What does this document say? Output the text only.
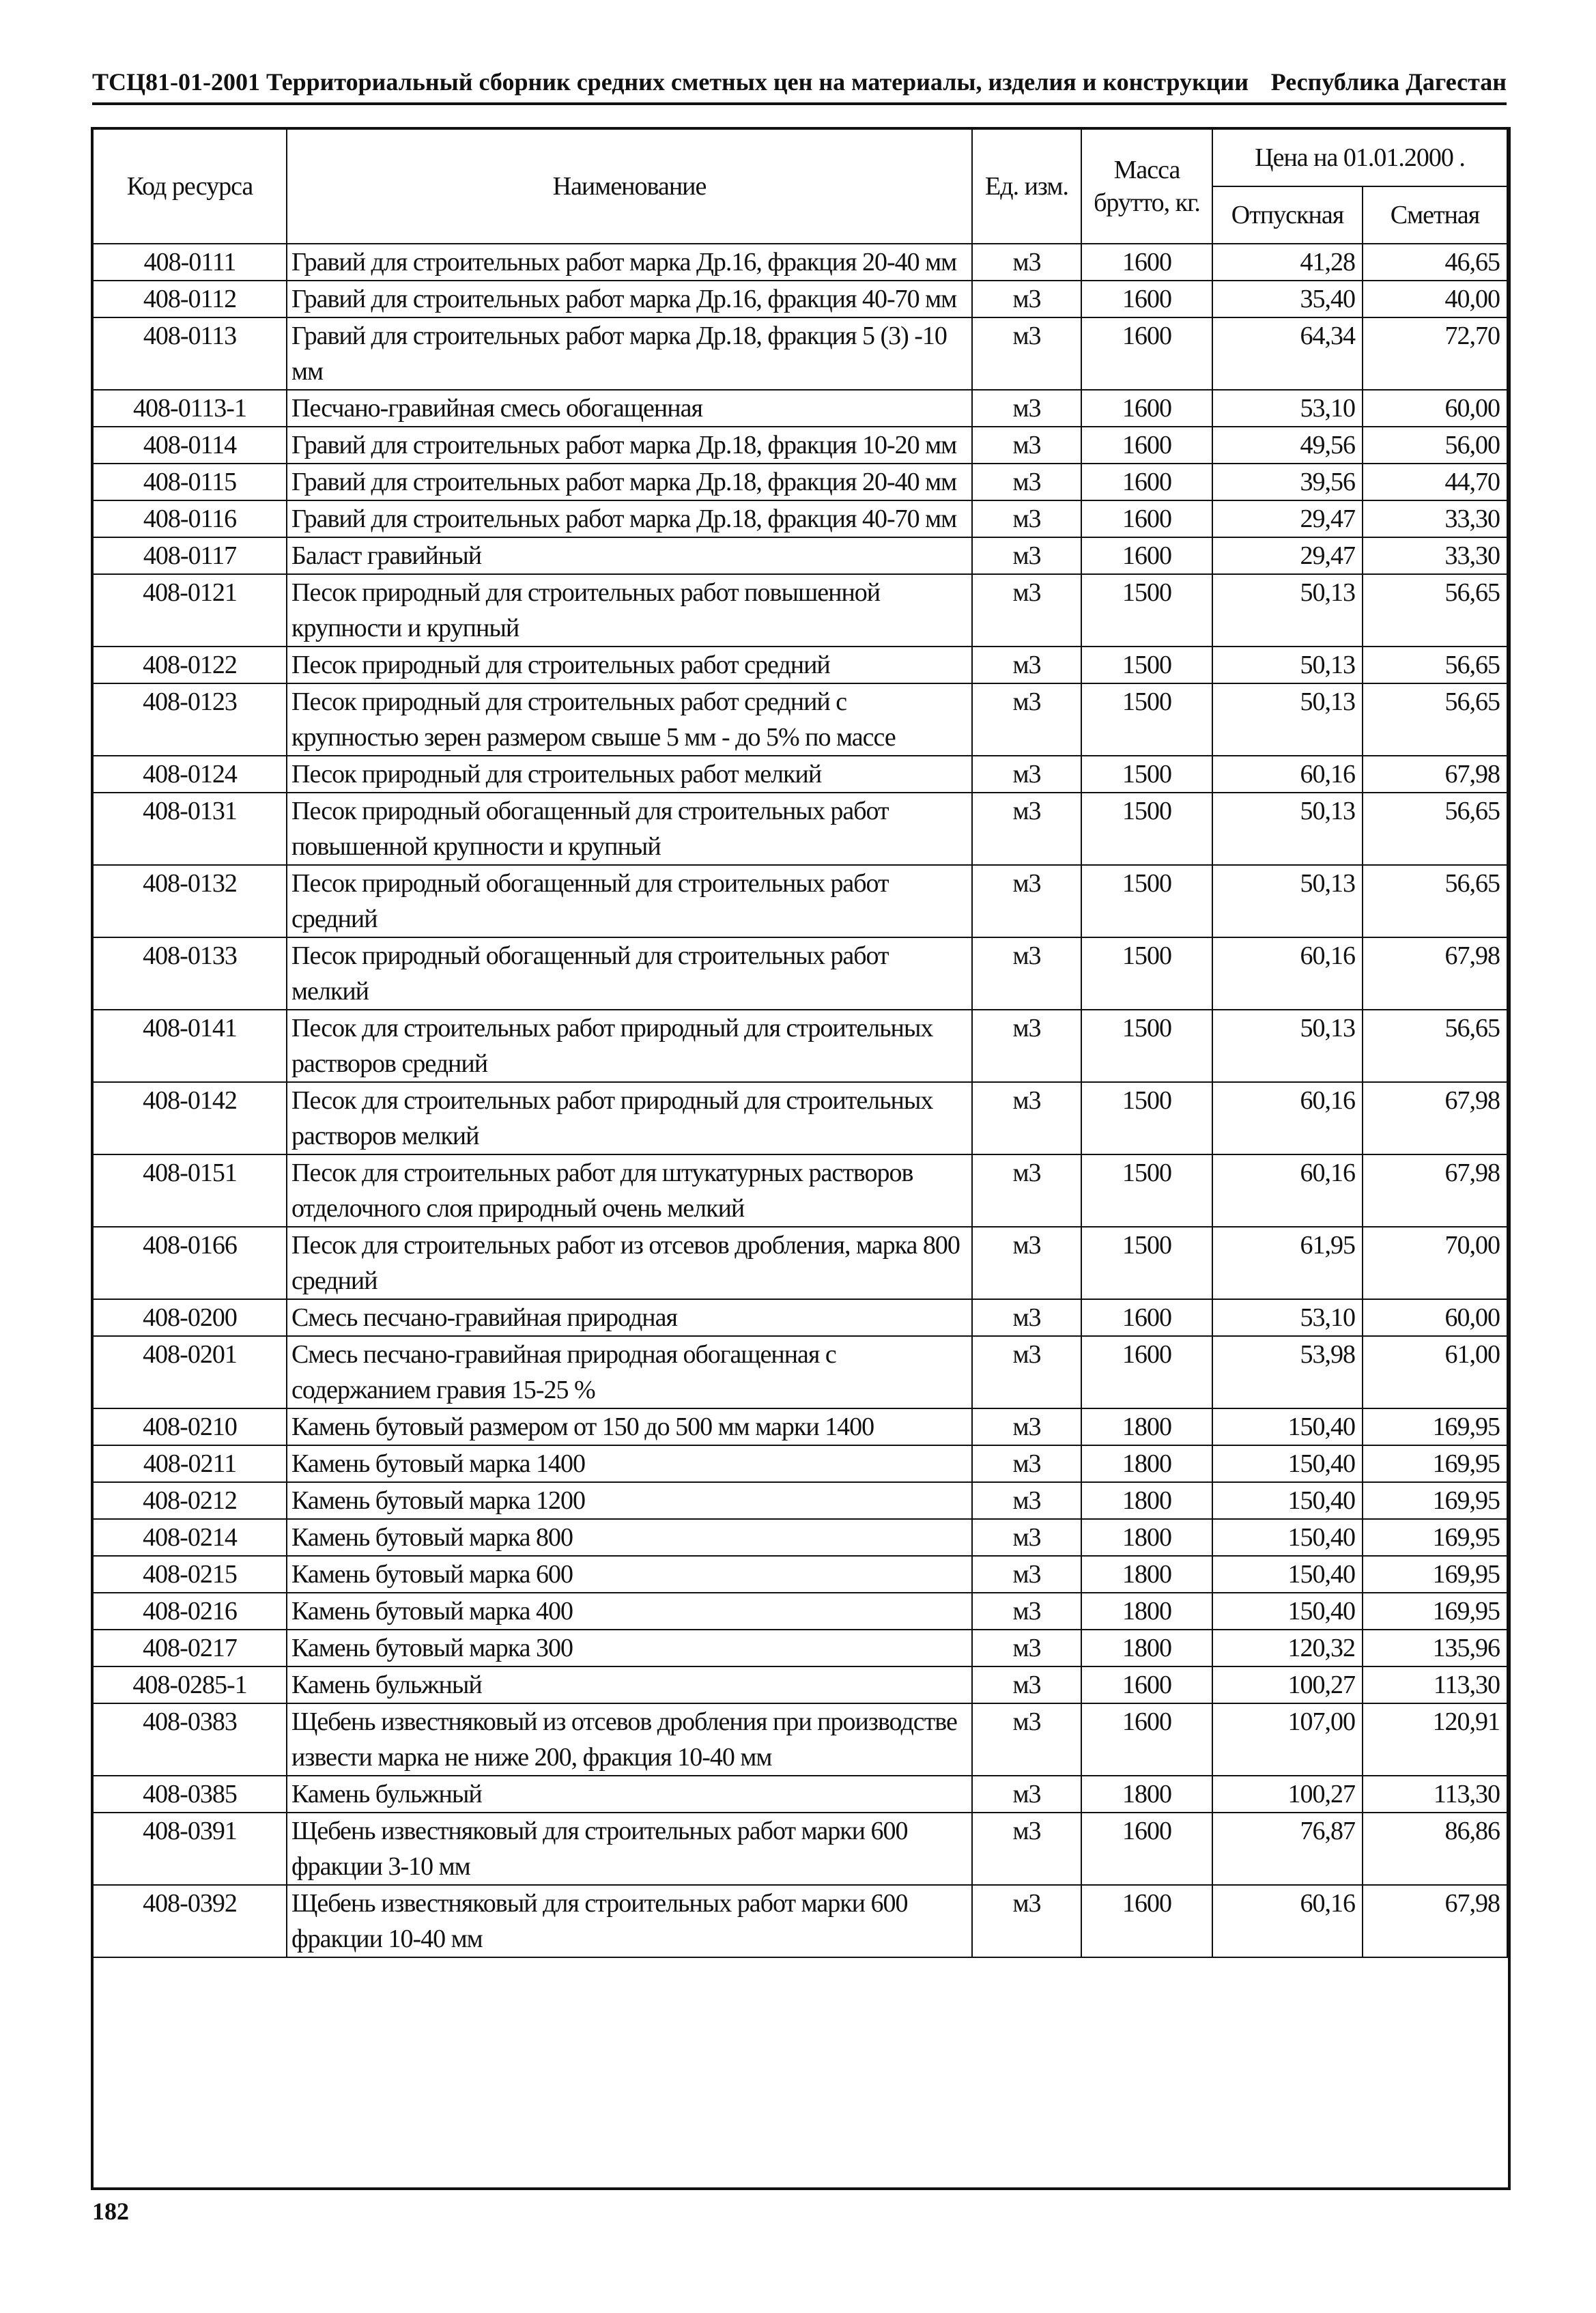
ТСЦ81-01-2001 Территориальный сборник средних сметных цен на материалы, изделия и конструкции Республика Дагестан
Код ресурса	Наименование	Ед. изм.	Масса брутто, кг.	Цена на 01.01.2000 .	
				Отпускная	Сметная
408-0111	Гравий для строительных работ марка Др.16, фракция 20-40 мм	м3	1600	41,28	46,65
408-0112	Гравий для строительных работ марка Др.16, фракция 40-70 мм	м3	1600	35,40	40,00
408-0113	Гравий для строительных работ марка Др.18, фракция 5 (3) -10 мм	м3	1600	64,34	72,70
408-0113-1	Песчано-гравийная смесь обогащенная	м3	1600	53,10	60,00
408-0114	Гравий для строительных работ марка Др.18, фракция 10-20 мм	м3	1600	49,56	56,00
408-0115	Гравий для строительных работ марка Др.18, фракция 20-40 мм	м3	1600	39,56	44,70
408-0116	Гравий для строительных работ марка Др.18, фракция 40-70 мм	м3	1600	29,47	33,30
408-0117	Баласт гравийный	м3	1600	29,47	33,30
408-0121	Песок природный для строительных работ повышенной крупности и крупный	м3	1500	50,13	56,65
408-0122	Песок природный для строительных работ средний	м3	1500	50,13	56,65
408-0123	Песок природный для строительных работ средний с крупностью зерен размером свыше 5 мм - до 5% по массе	м3	1500	50,13	56,65
408-0124	Песок природный для строительных работ мелкий	м3	1500	60,16	67,98
408-0131	Песок природный обогащенный для строительных работ повышенной крупности и крупный	м3	1500	50,13	56,65
408-0132	Песок природный обогащенный для строительных работ средний	м3	1500	50,13	56,65
408-0133	Песок природный обогащенный для строительных работ мелкий	м3	1500	60,16	67,98
408-0141	Песок для строительных работ природный для строительных растворов средний	м3	1500	50,13	56,65
408-0142	Песок для строительных работ природный для строительных растворов мелкий	м3	1500	60,16	67,98
408-0151	Песок для строительных работ для штукатурных растворов отделочного слоя природный очень мелкий	м3	1500	60,16	67,98
408-0166	Песок для строительных работ из отсевов дробления, марка 800 средний	м3	1500	61,95	70,00
408-0200	Смесь песчано-гравийная природная	м3	1600	53,10	60,00
408-0201	Смесь песчано-гравийная природная обогащенная с содержанием гравия 15-25 %	м3	1600	53,98	61,00
408-0210	Камень бутовый размером от 150 до 500 мм марки 1400	м3	1800	150,40	169,95
408-0211	Камень бутовый марка 1400	м3	1800	150,40	169,95
408-0212	Камень бутовый марка 1200	м3	1800	150,40	169,95
408-0214	Камень бутовый марка 800	м3	1800	150,40	169,95
408-0215	Камень бутовый марка 600	м3	1800	150,40	169,95
408-0216	Камень бутовый марка 400	м3	1800	150,40	169,95
408-0217	Камень бутовый марка 300	м3	1800	120,32	135,96
408-0285-1	Камень бульжный	м3	1600	100,27	113,30
408-0383	Щебень известняковый из отсевов дробления при производстве извести марка не ниже 200, фракция 10-40 мм	м3	1600	107,00	120,91
408-0385	Камень бульжный	м3	1800	100,27	113,30
408-0391	Щебень известняковый для строительных работ марки 600 фракции 3-10 мм	м3	1600	76,87	86,86
408-0392	Щебень известняковый для строительных работ марки 600 фракции 10-40 мм	м3	1600	60,16	67,98
182
